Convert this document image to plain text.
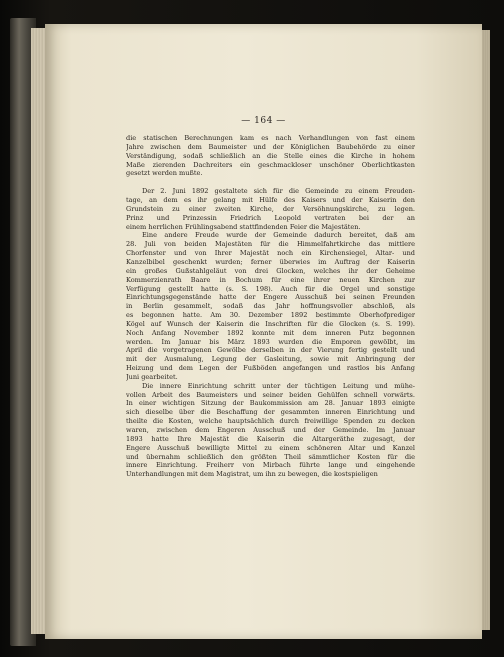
— 164 —
die statischen Berechnungen kam es nach Verhandlungen von fast einem
Jahre zwischen dem Baumeister und der Königlichen Baubehörde zu einer
Verständigung, sodaß schließlich an die Stelle eines die Kirche in hohem
Maße zierenden Dachreiters ein geschmackloser unschöner Oberlichtkasten
gesetzt werden mußte.
Der 2. Juni 1892 gestaltete sich für die Gemeinde zu einem Freuden-
tage, an dem es ihr gelang mit Hülfe des Kaisers und der Kaiserin den
Grundstein zu einer zweiten Kirche, der Versöhnungskirche, zu legen.
Prinz und Prinzessin Friedrich Leopold vertraten bei der an
einem herrlichen Frühlingsabend stattfindenden Feier die Majestäten.
Eine andere Freude wurde der Gemeinde dadurch bereitet, daß am
28. Juli von beiden Majestäten für die Himmelfahrtkirche das mittlere
Chorfenster und von Ihrer Majestät noch ein Kirchensiegel, Altar- und
Kanzelbibel geschenkt wurden; ferner überwies im Auftrag der Kaiserin
ein großes Gußstahlgeläut von drei Glocken, welches ihr der Geheime
Kommerzienrath Baare in Bochum für eine ihrer neuen Kirchen zur
Verfügung gestellt hatte (s. S. 198). Auch für die Orgel und sonstige
Einrichtungsgegenstände hatte der Engere Ausschuß bei seinen Freunden
in Berlin gesammelt, sodaß das Jahr hoffnungsvoller abschloß, als
es begonnen hatte. Am 30. Dezember 1892 bestimmte Oberhofprediger
Kögel auf Wunsch der Kaiserin die Inschriften für die Glocken (s. S. 199).
Noch Anfang November 1892 konnte mit dem inneren Putz begonnen
werden. Im Januar bis März 1893 wurden die Emporen gewölbt, im
April die vorgetragenen Gewölbe derselben in der Vierung fertig gestellt und
mit der Ausmalung, Legung der Gasleitung, sowie mit Anbringung der
Heizung und dem Legen der Fußböden angefangen und rastlos bis Anfang
Juni gearbeitet.
Die innere Einrichtung schritt unter der tüchtigen Leitung und mühe-
vollen Arbeit des Baumeisters und seiner beiden Gehülfen schnell vorwärts.
In einer wichtigen Sitzung der Baukommission am 28. Januar 1893 einigte
sich dieselbe über die Beschaffung der gesammten inneren Einrichtung und
theilte die Kosten, welche hauptsächlich durch freiwillige Spenden zu decken
waren, zwischen dem Engeren Ausschuß und der Gemeinde. Im Januar
1893 hatte Ihre Majestät die Kaiserin die Altargeräthe zugesagt, der
Engere Ausschuß bewilligte Mittel zu einem schöneren Altar und Kanzel
und übernahm schließlich den größten Theil sämmtlicher Kosten für die
innere Einrichtung. Freiherr von Mirbach führte lange und eingehende
Unterhandlungen mit dem Magistrat, um ihn zu bewegen, die kostspieligen
